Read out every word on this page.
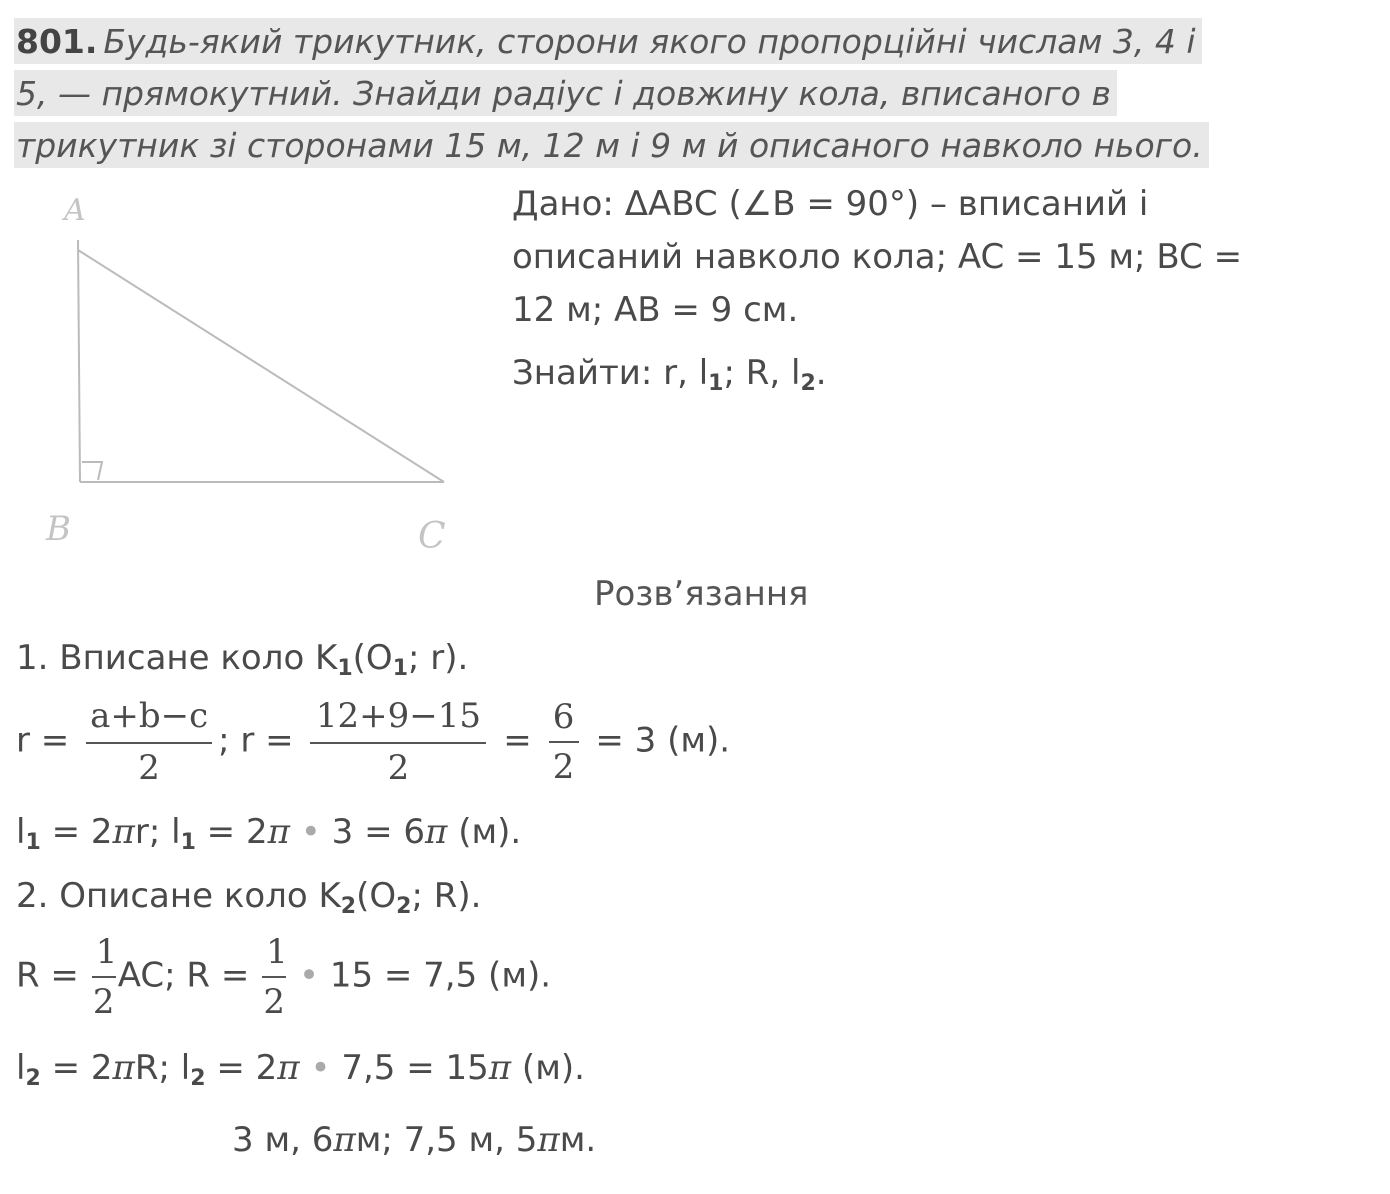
801. Будь-який трикутник, сторони якого пропорційні числам 3, 4 і
5, — прямокутний. Знайди радіус і довжину кола, вписаного в
трикутник зі сторонами 15 м, 12 м і 9 м й описаного навколо нього.
A
B	C
Дано: ΔABC (∠B = 90°) – вписаний і
описаний навколо кола; AC = 15 м; BC =
12 м; AB = 9 см.
Знайти: r, $l_1$; R, $l_2$.
Розв’язання
1. Вписане коло $K_1(O_1$; r).
$r = \frac{a+b-c}{2}$ ; $r = \frac{12+9-15}{2} = \frac{6}{2} = 3$ (м).
$l_1 = 2\pi r$; $l_1 = 2\pi$ • 3 = 6π (м).
2. Описане коло $K_2(O_2$; R).
$R = \frac{1}{2}$ AC; $R = \frac{1}{2}$ • 15 = 7,5 (м).
$l_2 = 2\pi R$; $l_2 = 2\pi$ • 7,5 = 15π (м).
3 м, 6πм; 7,5 м, 5πм.
